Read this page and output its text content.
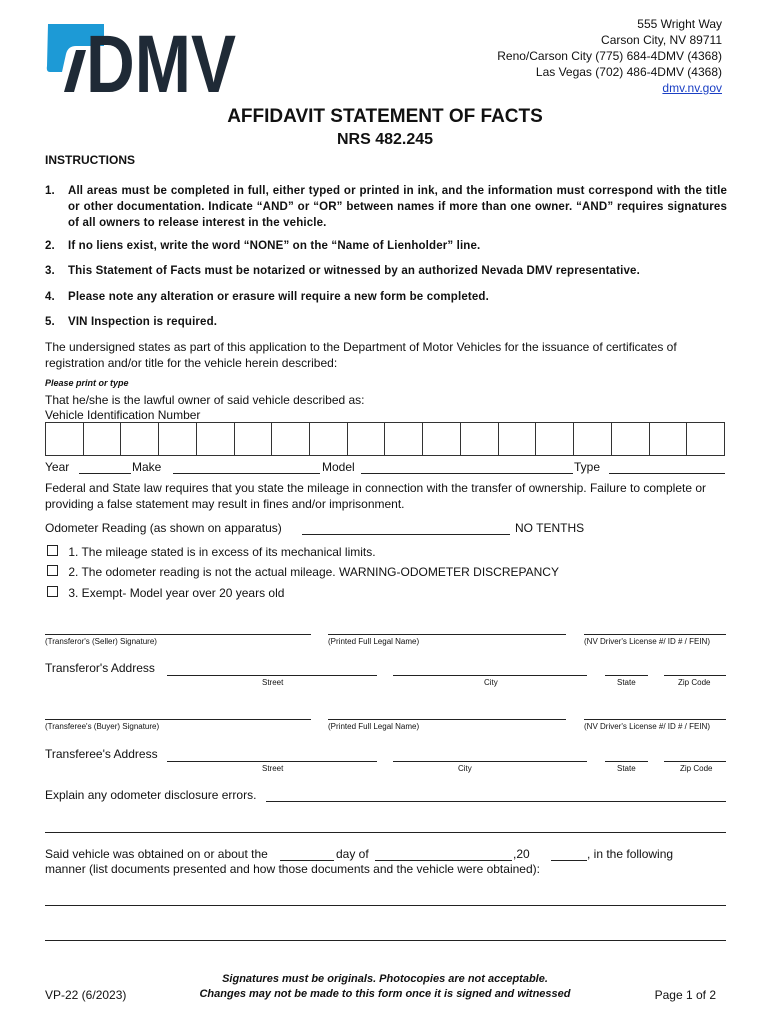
DMV	555 Wright Way
Carson City, NV 89711
Reno/Carson City (775) 684-4DMV (4368)
Las Vegas (702) 486-4DMV (4368)
dmv.nv.gov
AFFIDAVIT STATEMENT OF FACTS
NRS 482.245
INSTRUCTIONS
1. All areas must be completed in full, either typed or printed in ink, and the information must correspond with the title or other documentation. Indicate “AND” or “OR” between names if more than one owner. “AND” requires signatures of all owners to release interest in the vehicle.
2. If no liens exist, write the word “NONE” on the “Name of Lienholder” line.
3. This Statement of Facts must be notarized or witnessed by an authorized Nevada DMV representative.
4. Please note any alteration or erasure will require a new form be completed.
5. VIN Inspection is required.
The undersigned states as part of this application to the Department of Motor Vehicles for the issuance of certificates of registration and/or title for the vehicle herein described:
Please print or type
That he/she is the lawful owner of said vehicle described as:
Vehicle Identification Number
Year	Make	Model	Type
Federal and State law requires that you state the mileage in connection with the transfer of ownership. Failure to complete or providing a false statement may result in fines and/or imprisonment.
Odometer Reading (as shown on apparatus)	NO TENTHS
1. The mileage stated is in excess of its mechanical limits.
2. The odometer reading is not the actual mileage. WARNING-ODOMETER DISCREPANCY
3. Exempt- Model year over 20 years old
(Transferor's (Seller) Signature)	(Printed Full Legal Name)	(NV Driver's License #/ ID # / FEIN)
Transferor's Address
Street	City	State	Zip Code
(Transferee's (Buyer) Signature)	(Printed Full Legal Name)	(NV Driver's License #/ ID # / FEIN)
Transferee's Address
Street	City	State	Zip Code
Explain any odometer disclosure errors.
Said vehicle was obtained on or about the	day of	,20	, in the following
manner (list documents presented and how those documents and the vehicle were obtained):
VP-22 (6/2023)
Signatures must be originals. Photocopies are not acceptable.
Changes may not be made to this form once it is signed and witnessed	Page 1 of 2
